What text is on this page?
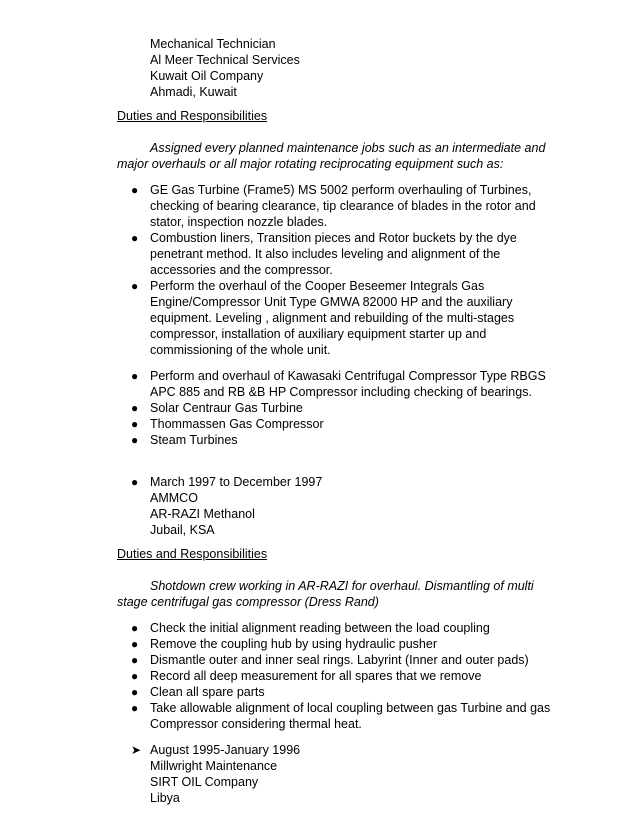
Mechanical Technician
Al Meer Technical Services
Kuwait Oil Company
Ahmadi, Kuwait
Duties and Responsibilities
Assigned every planned maintenance jobs such as an intermediate and
major overhauls or all major rotating reciprocating equipment such as:
● GE Gas Turbine (Frame5) MS 5002 perform overhauling of Turbines,
checking of bearing clearance, tip clearance of blades in the rotor and
stator, inspection nozzle blades.
● Combustion liners, Transition pieces and Rotor buckets by the dye
penetrant method. It also includes leveling and alignment of the
accessories and the compressor.
● Perform the overhaul of the Cooper Beseemer Integrals Gas
Engine/Compressor Unit Type GMWA 82000 HP and the auxiliary
equipment. Leveling , alignment and rebuilding of the multi-stages
compressor, installation of auxiliary equipment starter up and
commissioning of the whole unit.
● Perform and overhaul of Kawasaki Centrifugal Compressor Type RBGS
APC 885 and RB &B HP Compressor including checking of bearings.
● Solar Centraur Gas Turbine
● Thommassen Gas Compressor
● Steam Turbines
● March 1997 to December 1997
AMMCO
AR-RAZI Methanol
Jubail, KSA
Duties and Responsibilities
Shotdown crew working in AR-RAZI for overhaul. Dismantling of multi
stage centrifugal gas compressor (Dress Rand)
● Check the initial alignment reading between the load coupling
● Remove the coupling hub by using hydraulic pusher
● Dismantle outer and inner seal rings. Labyrint (Inner and outer pads)
● Record all deep measurement for all spares that we remove
● Clean all spare parts
● Take allowable alignment of local coupling between gas Turbine and gas
Compressor considering thermal heat.
➤ August 1995-January 1996
Millwright Maintenance
SIRT OIL Company
Libya
